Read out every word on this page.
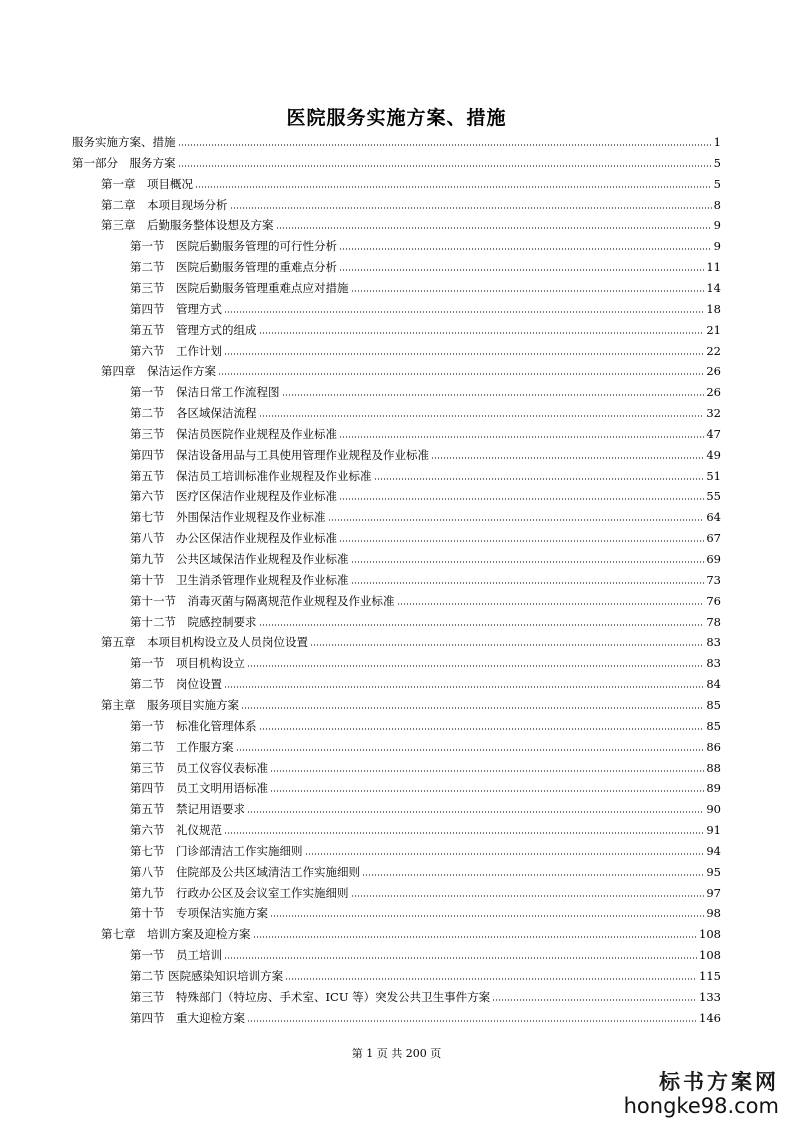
医院服务实施方案、措施
服务实施方案、措施	1
第一部分　服务方案	5
第一章　项目概况	5
第二章　本项目现场分析	8
第三章　后勤服务整体设想及方案	9
第一节　医院后勤服务管理的可行性分析	9
第二节　医院后勤服务管理的重难点分析	11
第三节　医院后勤服务管理重难点应对措施	14
第四节　管理方式	18
第五节　管理方式的组成	21
第六节　工作计划	22
第四章　保洁运作方案	26
第一节　保洁日常工作流程图	26
第二节　各区域保洁流程	32
第三节　保洁员医院作业规程及作业标准	47
第四节　保洁设备用品与工具使用管理作业规程及作业标准	49
第五节　保洁员工培训标准作业规程及作业标准	51
第六节　医疗区保洁作业规程及作业标准	55
第七节　外围保洁作业规程及作业标准	64
第八节　办公区保洁作业规程及作业标准	67
第九节　公共区域保洁作业规程及作业标准	69
第十节　卫生消杀管理作业规程及作业标准	73
第十一节　消毒灭菌与隔离规范作业规程及作业标准	76
第十二节　院感控制要求	78
第五章　本项目机构设立及人员岗位设置	83
第一节　项目机构设立	83
第二节　岗位设置	84
第主章　服务项目实施方案	85
第一节　标准化管理体系	85
第二节　工作服方案	86
第三节　员工仪容仪表标准	88
第四节　员工文明用语标准	89
第五节　禁记用语要求	90
第六节　礼仪规范	91
第七节　门诊部清洁工作实施细则	94
第八节　住院部及公共区域清洁工作实施细则	95
第九节　行政办公区及会议室工作实施细则	97
第十节　专项保洁实施方案	98
第七章　培训方案及迎检方案	108
第一节　员工培训	108
第二节 医院感染知识培训方案	115
第三节　特殊部门（特垃房、手术室、ICU 等）突发公共卫生事件方案	133
第四节　重大迎检方案	146
第 1 页 共 200 页
标书方案网
hongke98.com
